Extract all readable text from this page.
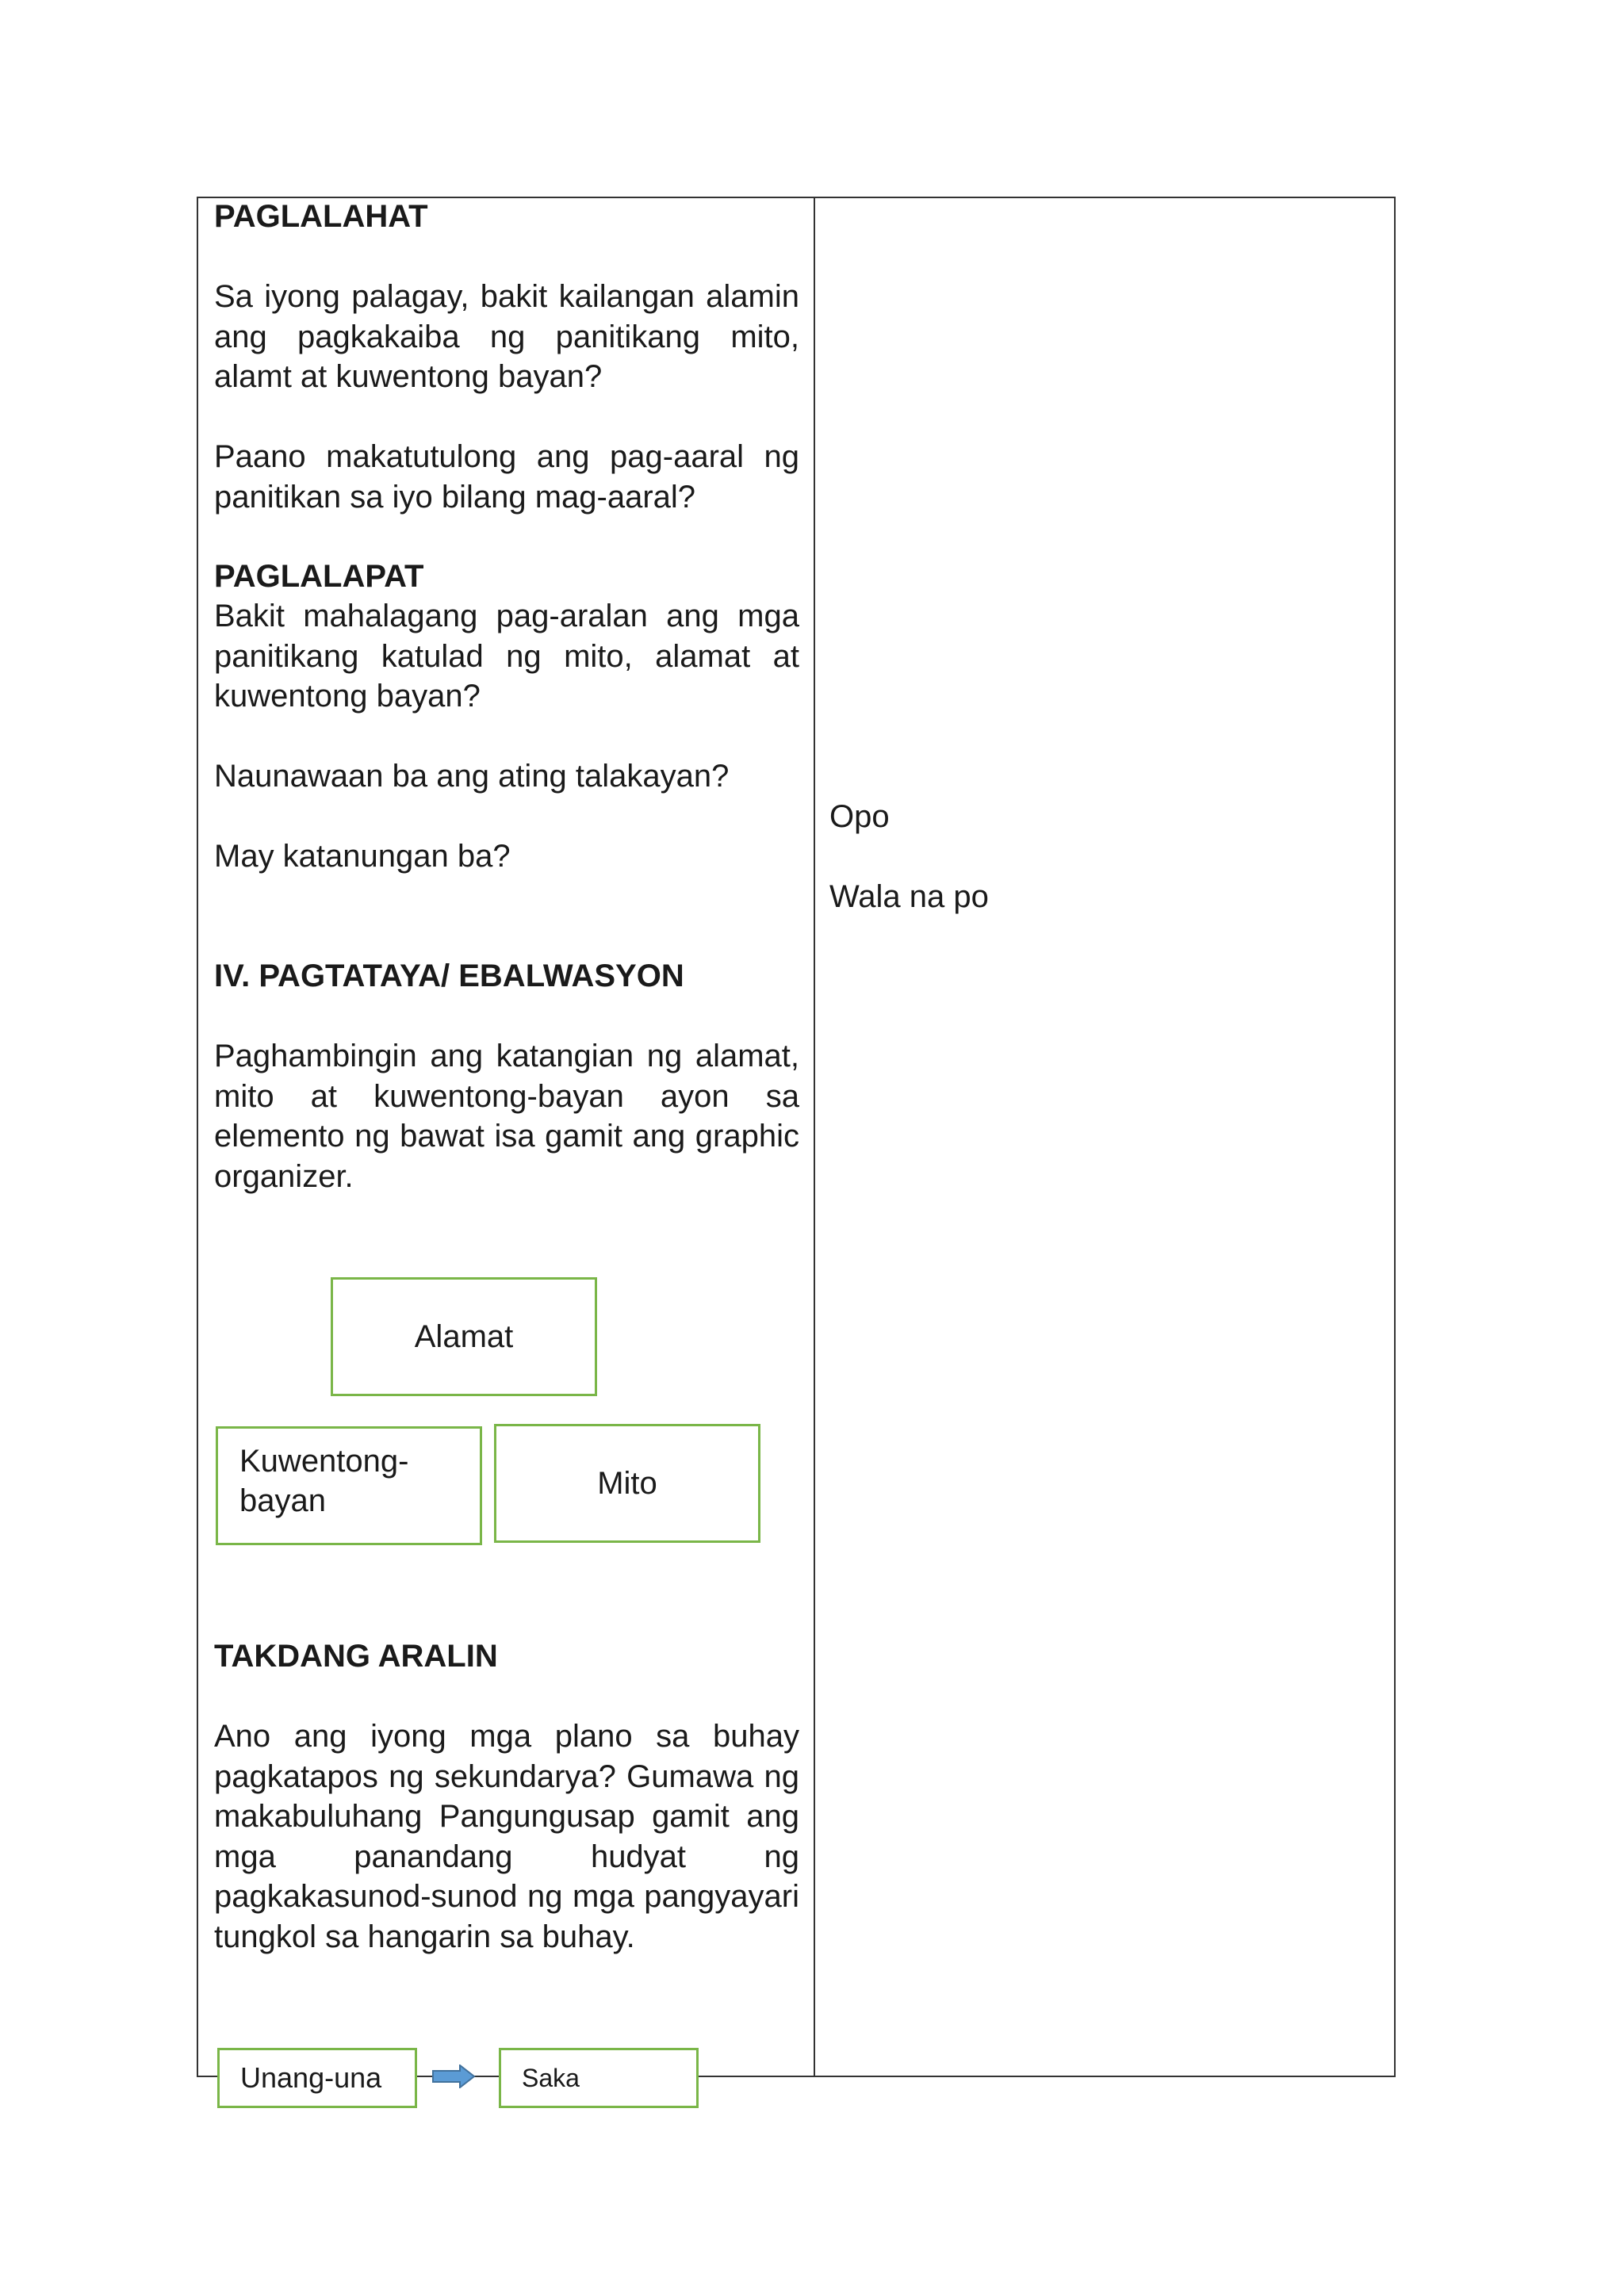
PAGLALAHAT

Sa iyong palagay, bakit kailangan alamin ang pagkakaiba ng panitikang mito, alamt at kuwentong bayan?

Paano makatutulong ang pag-aaral ng panitikan sa iyo bilang mag-aaral?

PAGLALAPAT

Bakit mahalagang pag-aralan ang mga panitikang katulad ng mito, alamat at kuwentong bayan?

Naunawaan ba ang ating talakayan?

May katanungan ba?

IV. PAGTATAYA/ EBALWASYON

Paghambingin ang katangian ng alamat, mito at kuwentong-bayan ayon sa elemento ng bawat isa gamit ang graphic organizer.

TAKDANG ARALIN

Ano ang iyong mga plano sa buhay pagkatapos ng sekundarya? Gumawa ng makabuluhang Pangungusap gamit ang mga panandang hudyat ng pagkakasunod-sunod ng mga pangyayari tungkol sa hangarin sa buhay.

Opo

Wala na po

Alamat
Kuwentong-bayan	Mito
Unang-una	Saka
